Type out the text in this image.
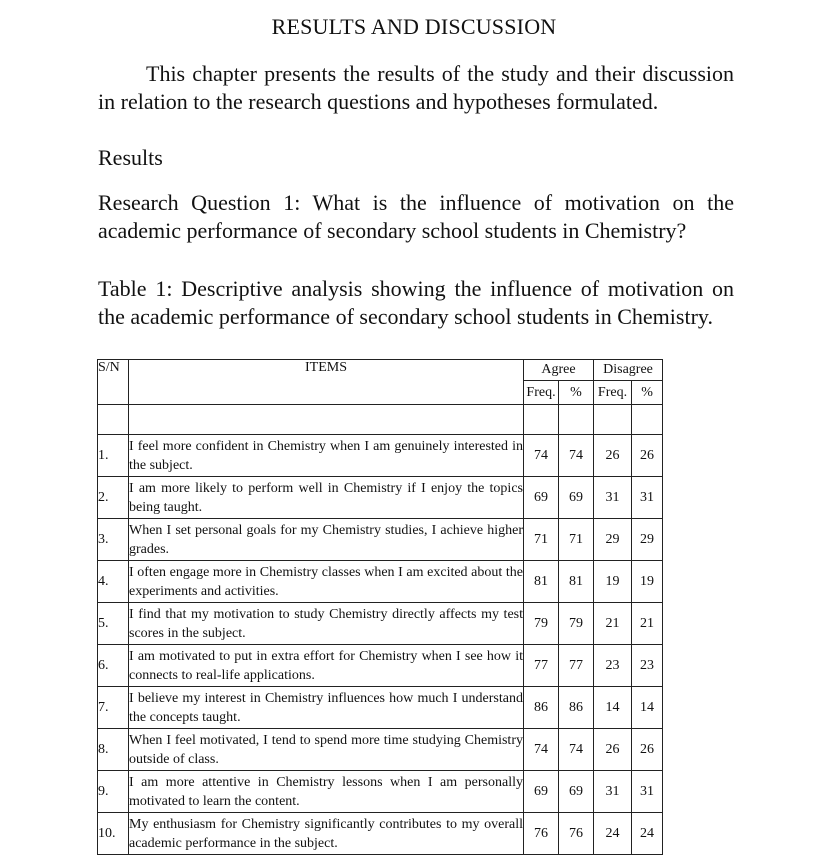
RESULTS AND DISCUSSION
This chapter presents the results of the study and their discussion in relation to the research questions and hypotheses formulated.
Results
Research Question 1: What is the influence of motivation on the academic performance of secondary school students in Chemistry?
Table 1: Descriptive analysis showing the influence of motivation on the academic performance of secondary school students in Chemistry.
S/N	ITEMS	Agree		Disagree	
		Freq.	%	Freq.	%

1.	I feel more confident in Chemistry when I am genuinely interested in the subject.	74	74	26	26
2.	I am more likely to perform well in Chemistry if I enjoy the topics being taught.	69	69	31	31
3.	When I set personal goals for my Chemistry studies, I achieve higher grades.	71	71	29	29
4.	I often engage more in Chemistry classes when I am excited about the experiments and activities.	81	81	19	19
5.	I find that my motivation to study Chemistry directly affects my test scores in the subject.	79	79	21	21
6.	I am motivated to put in extra effort for Chemistry when I see how it connects to real-life applications.	77	77	23	23
7.	I believe my interest in Chemistry influences how much I understand the concepts taught.	86	86	14	14
8.	When I feel motivated, I tend to spend more time studying Chemistry outside of class.	74	74	26	26
9.	I am more attentive in Chemistry lessons when I am personally motivated to learn the content.	69	69	31	31
10.	My enthusiasm for Chemistry significantly contributes to my overall academic performance in the subject.	76	76	24	24
